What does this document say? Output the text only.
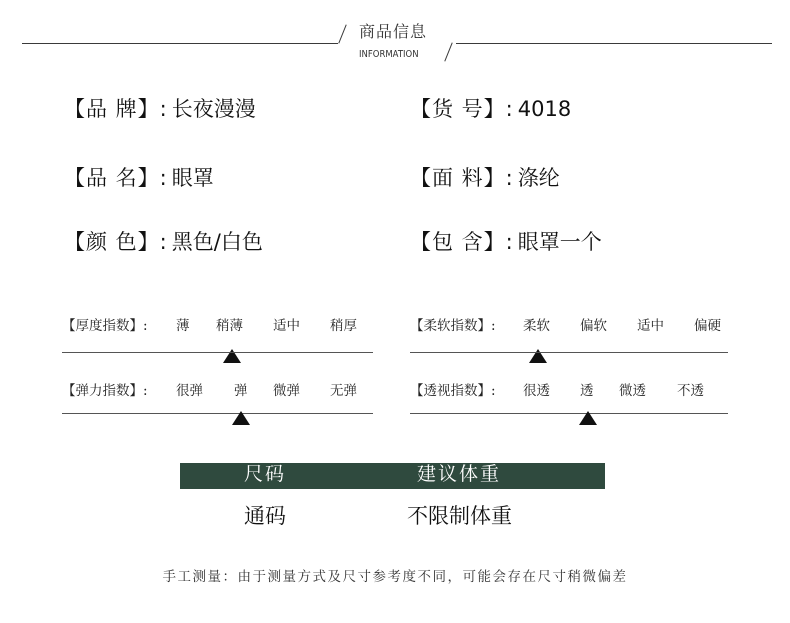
商品信息
INFORMATION
【品 牌】: 长夜漫漫	【货 号】: 4018
【品 名】: 眼罩	【面 料】: 涤纶
【颜 色】: 黑色/白色	【包 含】: 眼罩一个
【厚度指数】: 薄 稍薄 适中 稍厚	【柔软指数】: 柔软 偏软 适中 偏硬
【弹力指数】: 很弹 弹 微弹 无弹	【透视指数】: 很透 透 微透 不透
尺码	建议体重
通码	不限制体重
手工测量：由于测量方式及尺寸参考度不同，可能会存在尺寸稍微偏差
